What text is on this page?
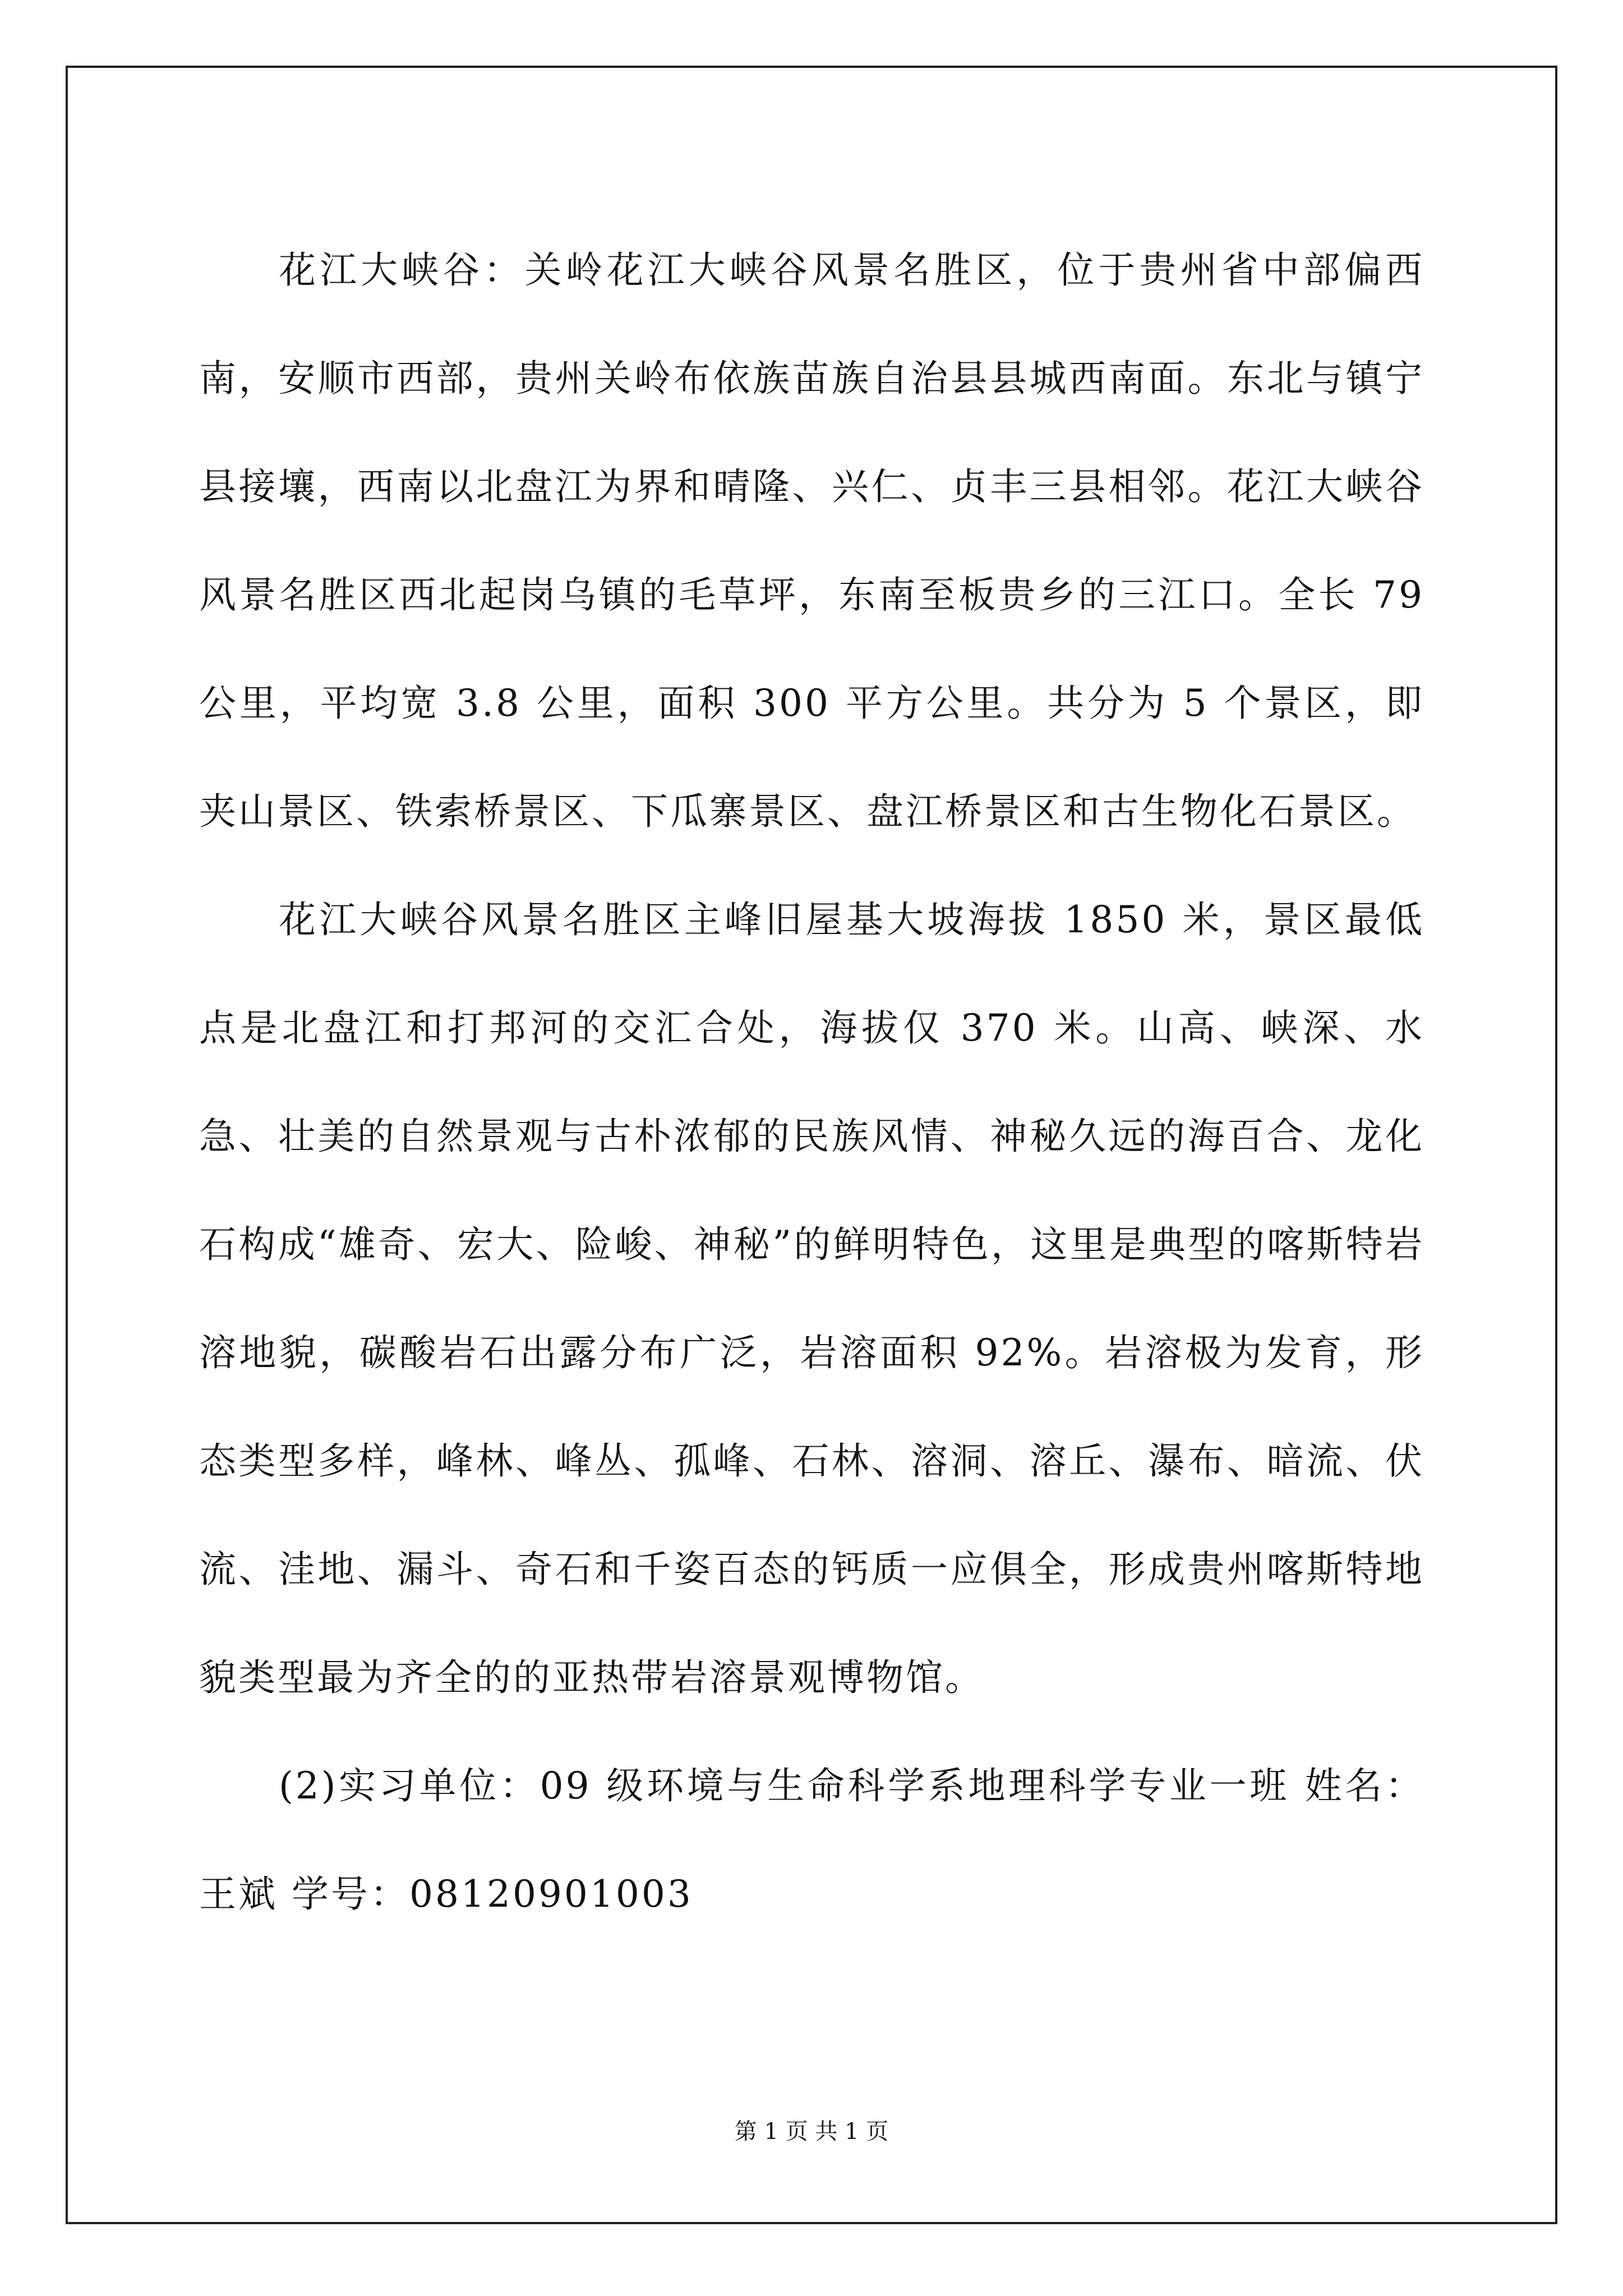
花江大峡谷：关岭花江大峡谷风景名胜区，位于贵州省中部偏西南，安顺市西部，贵州关岭布依族苗族自治县县城西南面。东北与镇宁县接壤，西南以北盘江为界和晴隆、兴仁、贞丰三县相邻。花江大峡谷风景名胜区西北起岗乌镇的毛草坪，东南至板贵乡的三江口。全长 79 公里，平均宽 3.8 公里，面积 300 平方公里。共分为 5 个景区，即夹山景区、铁索桥景区、下瓜寨景区、盘江桥景区和古生物化石景区。

花江大峡谷风景名胜区主峰旧屋基大坡海拔 1850 米，景区最低点是北盘江和打邦河的交汇合处，海拔仅 370 米。山高、峡深、水急、壮美的自然景观与古朴浓郁的民族风情、神秘久远的海百合、龙化石构成“雄奇、宏大、险峻、神秘”的鲜明特色，这里是典型的喀斯特岩溶地貌，碳酸岩石出露分布广泛，岩溶面积 92%。岩溶极为发育，形态类型多样，峰林、峰丛、孤峰、石林、溶洞、溶丘、瀑布、暗流、伏流、洼地、漏斗、奇石和千姿百态的钙质一应俱全，形成贵州喀斯特地貌类型最为齐全的的亚热带岩溶景观博物馆。

(2)实习单位：09 级环境与生命科学系地理科学专业一班 姓名：王斌 学号：08120901003

第 1 页 共 1 页
